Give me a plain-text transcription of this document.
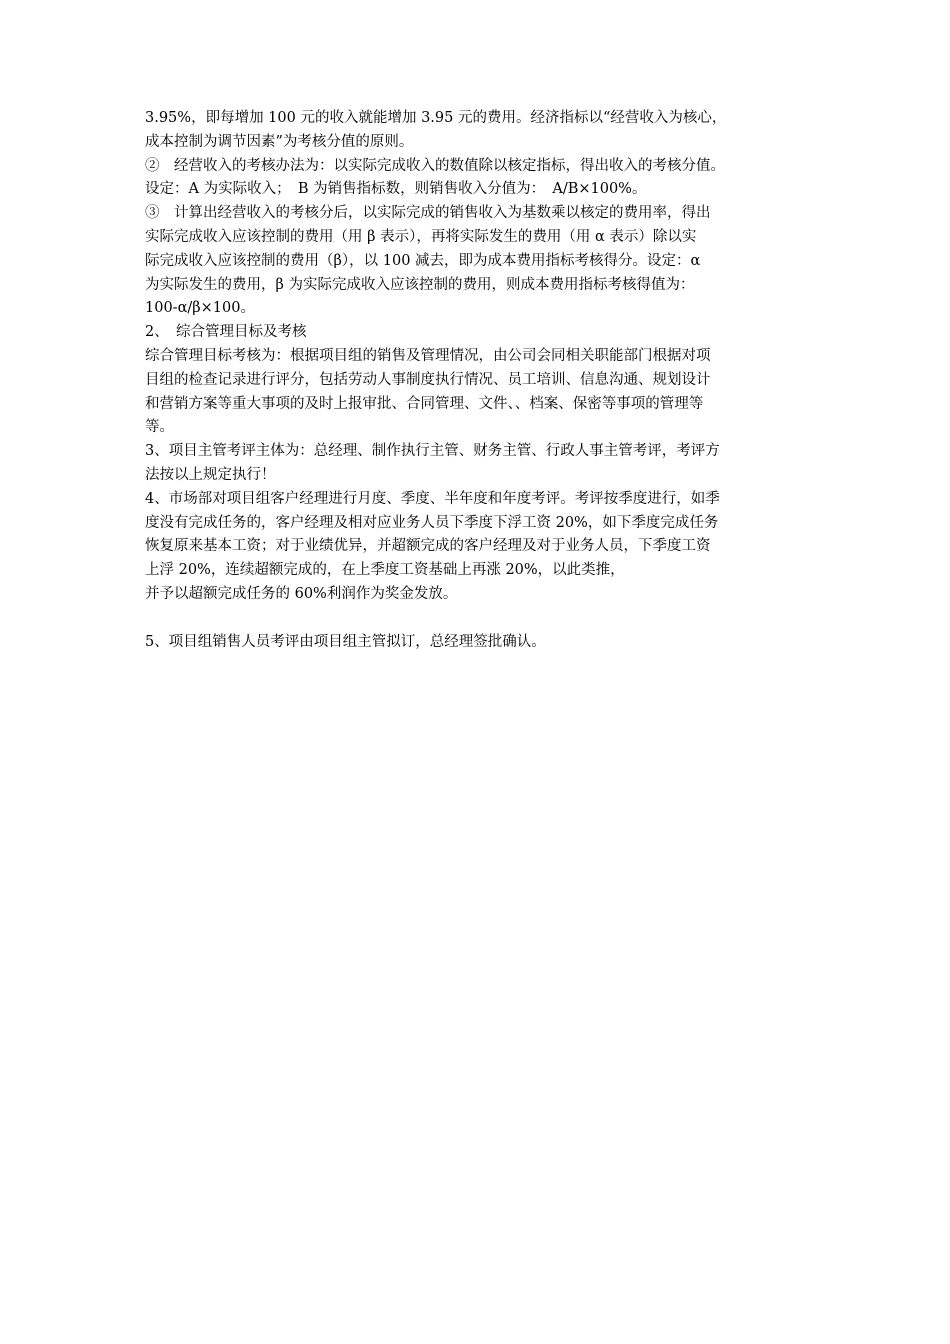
3.95%，即每增加 100 元的收入就能增加 3.95 元的费用。经济指标以“经营收入为核心，
成本控制为调节因素”为考核分值的原则。
②　经营收入的考核办法为：以实际完成收入的数值除以核定指标，得出收入的考核分值。
设定：A 为实际收入；　B 为销售指标数，则销售收入分值为：　A/B×100%。
③　计算出经营收入的考核分后，以实际完成的销售收入为基数乘以核定的费用率，得出
实际完成收入应该控制的费用（用 β 表示），再将实际发生的费用（用 α 表示）除以实
际完成收入应该控制的费用（β），以 100 减去，即为成本费用指标考核得分。设定：α
为实际发生的费用，β 为实际完成收入应该控制的费用，则成本费用指标考核得值为：
100-α/β×100。
2、　综合管理目标及考核
综合管理目标考核为：根据项目组的销售及管理情况，由公司会同相关职能部门根据对项
目组的检查记录进行评分，包括劳动人事制度执行情况、员工培训、信息沟通、规划设计
和营销方案等重大事项的及时上报审批、合同管理、文件、、档案、保密等事项的管理等
等。
3、项目主管考评主体为：总经理、制作执行主管、财务主管、行政人事主管考评，考评方
法按以上规定执行！
4、市场部对项目组客户经理进行月度、季度、半年度和年度考评。考评按季度进行，如季
度没有完成任务的，客户经理及相对应业务人员下季度下浮工资 20%，如下季度完成任务
恢复原来基本工资；对于业绩优异，并超额完成的客户经理及对于业务人员，下季度工资
上浮 20%，连续超额完成的，在上季度工资基础上再涨 20%，以此类推，
并予以超额完成任务的 60%利润作为奖金发放。
5、项目组销售人员考评由项目组主管拟订，总经理签批确认。
